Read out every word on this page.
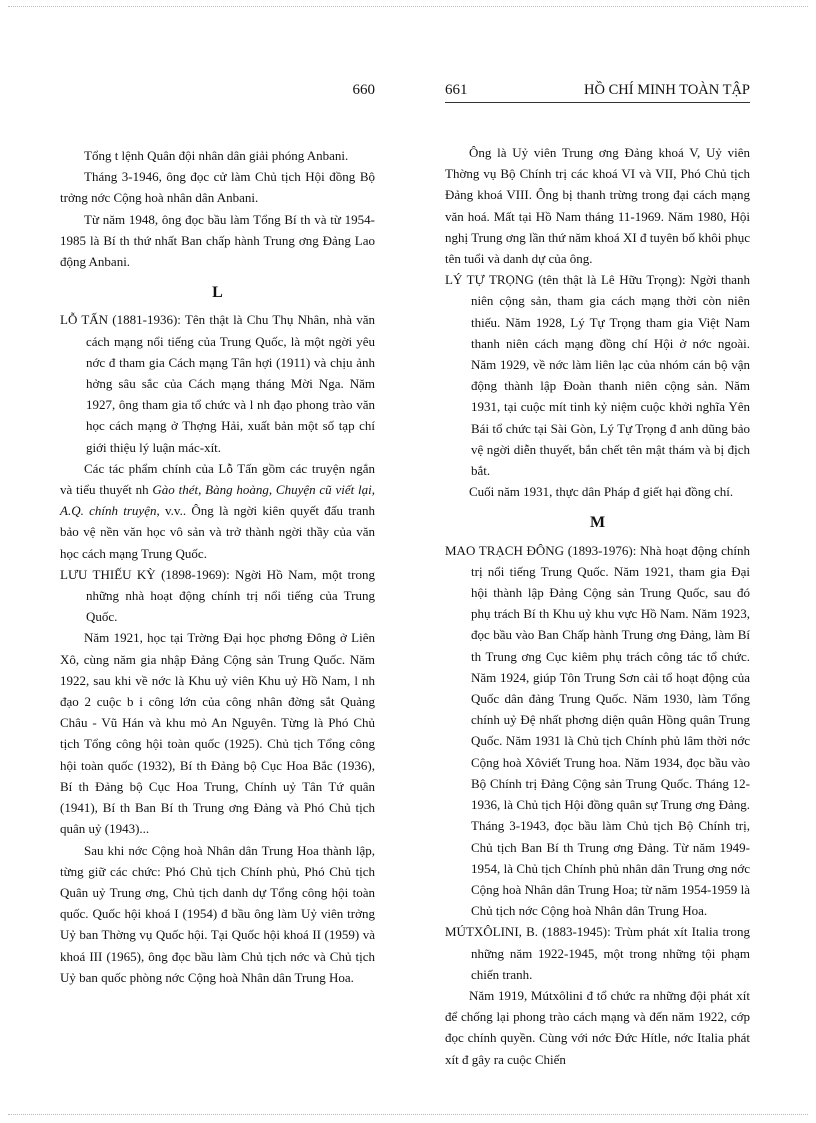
660

Tổng t lệnh Quân đội nhân dân giải phóng Anbani.

Tháng 3-1946, ông đọc cử làm Chủ tịch Hội đồng Bộ trởng nớc Cộng hoà nhân dân Anbani.

Từ năm 1948, ông đọc bầu làm Tổng Bí th và từ 1954-1985 là Bí th thứ nhất Ban chấp hành Trung ơng Đảng Lao động Anbani.

L

LỖ TẤN (1881-1936): Tên thật là Chu Thụ Nhân, nhà văn cách mạng nổi tiếng của Trung Quốc, là một ngời yêu nớc đ tham gia Cách mạng Tân hợi (1911) và chịu ảnh hởng sâu sắc của Cách mạng tháng Mời Nga. Năm 1927, ông tham gia tổ chức và l nh đạo phong trào văn học cách mạng ở Thợng Hải, xuất bản một số tạp chí giới thiệu lý luận mác-xít.

Các tác phẩm chính của Lỗ Tấn gồm các truyện ngắn và tiểu thuyết nh Gào thét, Bàng hoàng, Chuyện cũ viết lại, A.Q. chính truyện, v.v.. Ông là ngời kiên quyết đấu tranh bảo vệ nền văn học vô sản và trở thành ngời thầy của văn học cách mạng Trung Quốc.

LƯU THIẾU KỲ (1898-1969): Ngời Hồ Nam, một trong những nhà hoạt động chính trị nổi tiếng của Trung Quốc.

Năm 1921, học tại Trờng Đại học phơng Đông ở Liên Xô, cùng năm gia nhập Đảng Cộng sản Trung Quốc. Năm 1922, sau khi về nớc là Khu uỷ viên Khu uỷ Hồ Nam, l nh đạo 2 cuộc b i công lớn của công nhân đờng sắt Quảng Châu - Vũ Hán và khu mỏ An Nguyên. Từng là Phó Chủ tịch Tổng công hội toàn quốc (1925). Chủ tịch Tổng công hội toàn quốc (1932), Bí th Đảng bộ Cục Hoa Bắc (1936), Bí th Đảng bộ Cục Hoa Trung, Chính uỷ Tân Tứ quân (1941), Bí th Ban Bí th Trung ơng Đảng và Phó Chủ tịch quân uỷ (1943)...

Sau khi nớc Cộng hoà Nhân dân Trung Hoa thành lập, từng giữ các chức: Phó Chủ tịch Chính phủ, Phó Chủ tịch Quân uỷ Trung ơng, Chủ tịch danh dự Tổng công hội toàn quốc. Quốc hội khoá I (1954) đ bầu ông làm Uỷ viên trởng Uỷ ban Thờng vụ Quốc hội. Tại Quốc hội khoá II (1959) và khoá III (1965), ông đọc bầu làm Chủ tịch nớc và Chủ tịch Uỷ ban quốc phòng nớc Cộng hoà Nhân dân Trung Hoa.

661	HỒ CHÍ MINH TOÀN TẬP

Ông là Uỷ viên Trung ơng Đảng khoá V, Uỷ viên Thờng vụ Bộ Chính trị các khoá VI và VII, Phó Chủ tịch Đảng khoá VIII. Ông bị thanh trừng trong đại cách mạng văn hoá. Mất tại Hồ Nam tháng 11-1969. Năm 1980, Hội nghị Trung ơng lần thứ năm khoá XI đ tuyên bố khôi phục tên tuổi và danh dự của ông.

LÝ TỰ TRỌNG (tên thật là Lê Hữu Trọng): Ngời thanh niên cộng sản, tham gia cách mạng thời còn niên thiếu. Năm 1928, Lý Tự Trọng tham gia Việt Nam thanh niên cách mạng đồng chí Hội ở nớc ngoài. Năm 1929, về nớc làm liên lạc của nhóm cán bộ vận động thành lập Đoàn thanh niên cộng sản. Năm 1931, tại cuộc mít tinh kỷ niệm cuộc khởi nghĩa Yên Bái tổ chức tại Sài Gòn, Lý Tự Trọng đ anh dũng bảo vệ ngời diễn thuyết, bắn chết tên mật thám và bị địch bắt.

Cuối năm 1931, thực dân Pháp đ giết hại đồng chí.

M

MAO TRẠCH ĐÔNG (1893-1976): Nhà hoạt động chính trị nổi tiếng Trung Quốc. Năm 1921, tham gia Đại hội thành lập Đảng Cộng sản Trung Quốc, sau đó phụ trách Bí th Khu uỷ khu vực Hồ Nam. Năm 1923, đọc bầu vào Ban Chấp hành Trung ơng Đảng, làm Bí th Trung ơng Cục kiêm phụ trách công tác tổ chức. Năm 1924, giúp Tôn Trung Sơn cải tổ hoạt động của Quốc dân đảng Trung Quốc. Năm 1930, làm Tổng chính uỷ Đệ nhất phơng diện quân Hồng quân Trung Quốc. Năm 1931 là Chủ tịch Chính phủ lâm thời nớc Cộng hoà Xôviết Trung hoa. Năm 1934, đọc bầu vào Bộ Chính trị Đảng Cộng sản Trung Quốc. Tháng 12-1936, là Chủ tịch Hội đồng quân sự Trung ơng Đảng. Tháng 3-1943, đọc bầu làm Chủ tịch Bộ Chính trị, Chủ tịch Ban Bí th Trung ơng Đảng. Từ năm 1949-1954, là Chủ tịch Chính phủ nhân dân Trung ơng nớc Cộng hoà Nhân dân Trung Hoa; từ năm 1954-1959 là Chủ tịch nớc Cộng hoà Nhân dân Trung Hoa.

MÚTXÔLINI, B. (1883-1945): Trùm phát xít Italia trong những năm 1922-1945, một trong những tội phạm chiến tranh.

Năm 1919, Mútxôlini đ tổ chức ra những đội phát xít để chống lại phong trào cách mạng và đến năm 1922, cớp đọc chính quyền. Cùng với nớc Đức Hítle, nớc Italia phát xít đ gây ra cuộc Chiến
